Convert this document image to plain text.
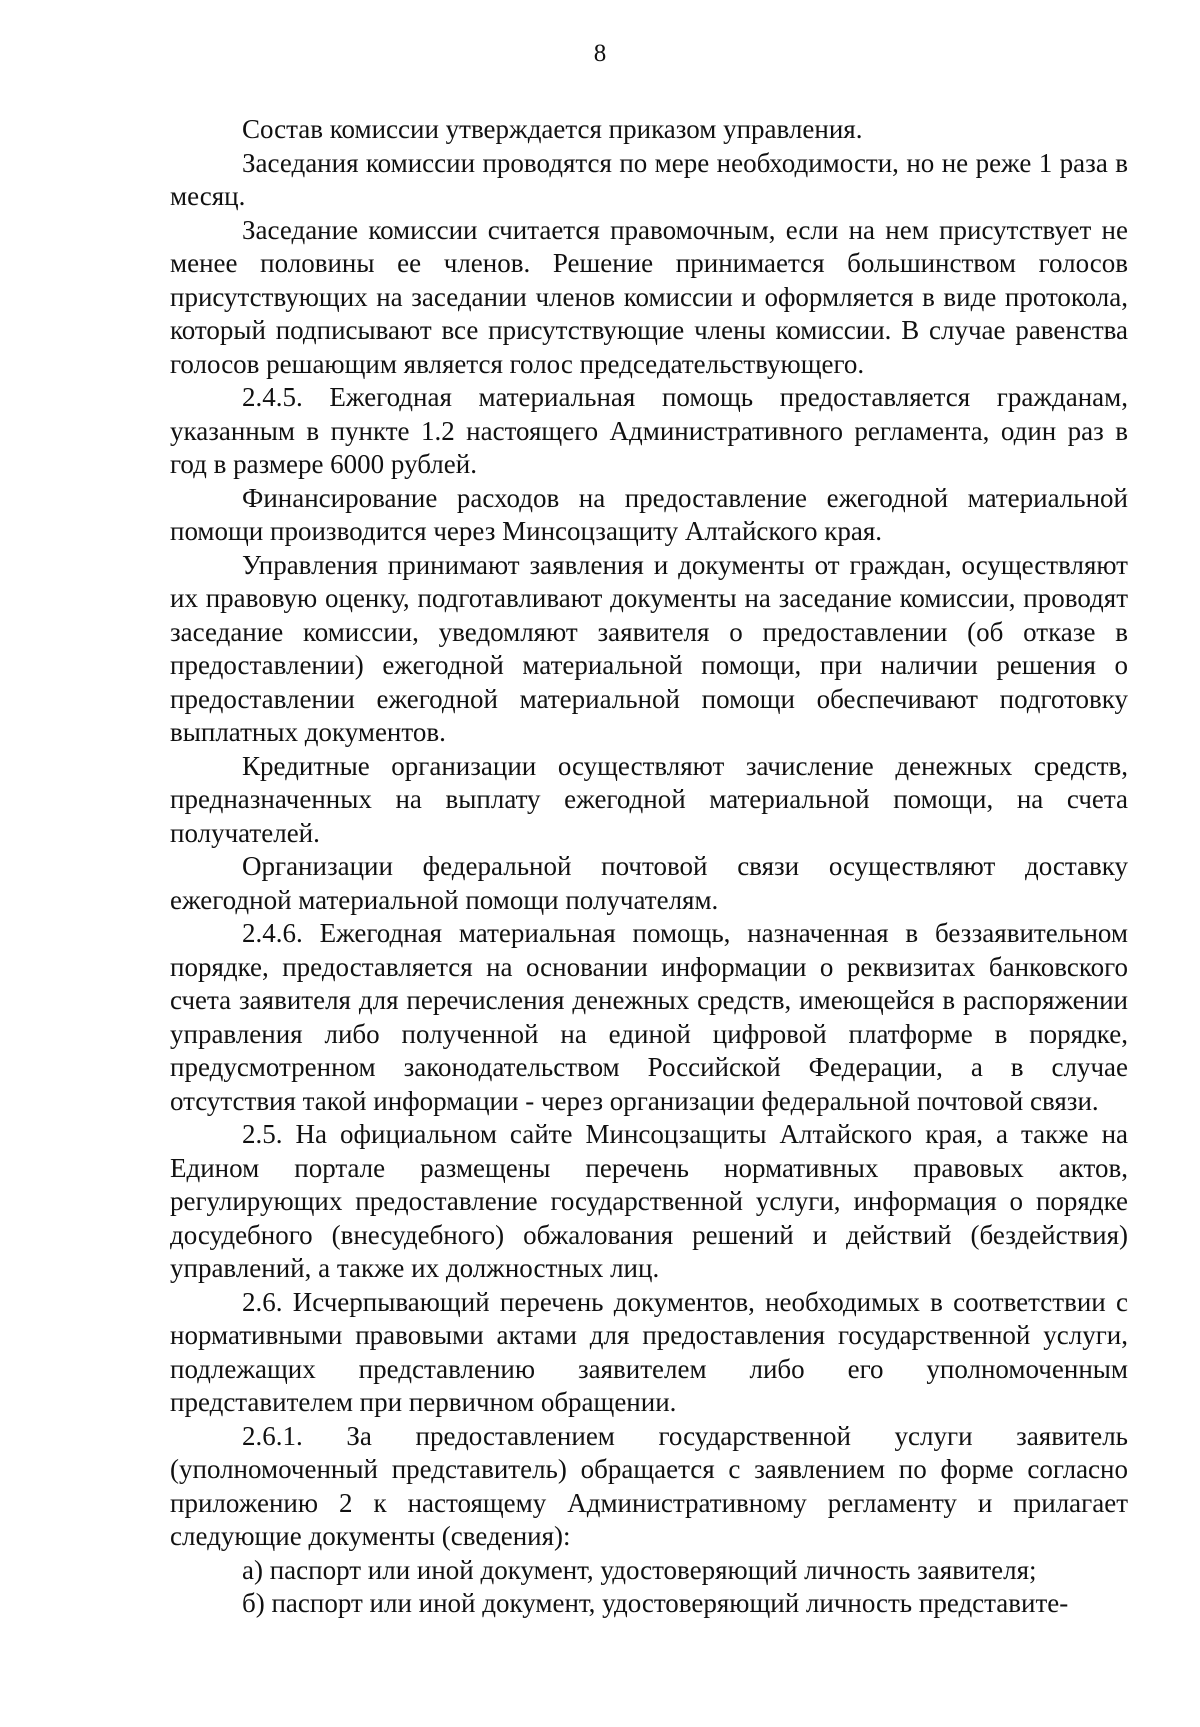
8

Состав комиссии утверждается приказом управления.

Заседания комиссии проводятся по мере необходимости, но не реже 1 раза в месяц.

Заседание комиссии считается правомочным, если на нем присутствует не менее половины ее членов. Решение принимается большинством голосов присутствующих на заседании членов комиссии и оформляется в виде протокола, который подписывают все присутствующие члены комиссии. В случае равенства голосов решающим является голос председательствующего.

2.4.5. Ежегодная материальная помощь предоставляется гражданам, указанным в пункте 1.2 настоящего Административного регламента, один раз в год в размере 6000 рублей.

Финансирование расходов на предоставление ежегодной материальной помощи производится через Минсоцзащиту Алтайского края.

Управления принимают заявления и документы от граждан, осуществляют их правовую оценку, подготавливают документы на заседание комиссии, проводят заседание комиссии, уведомляют заявителя о предоставлении (об отказе в предоставлении) ежегодной материальной помощи, при наличии решения о предоставлении ежегодной материальной помощи обеспечивают подготовку выплатных документов.

Кредитные организации осуществляют зачисление денежных средств, предназначенных на выплату ежегодной материальной помощи, на счета получателей.

Организации федеральной почтовой связи осуществляют доставку ежегодной материальной помощи получателям.

2.4.6. Ежегодная материальная помощь, назначенная в беззаявительном порядке, предоставляется на основании информации о реквизитах банковского счета заявителя для перечисления денежных средств, имеющейся в распоряжении управления либо полученной на единой цифровой платформе в порядке, предусмотренном законодательством Российской Федерации, а в случае отсутствия такой информации - через организации федеральной почтовой связи.

2.5. На официальном сайте Минсоцзащиты Алтайского края, а также на Едином портале размещены перечень нормативных правовых актов, регулирующих предоставление государственной услуги, информация о порядке досудебного (внесудебного) обжалования решений и действий (бездействия) управлений, а также их должностных лиц.

2.6. Исчерпывающий перечень документов, необходимых в соответствии с нормативными правовыми актами для предоставления государственной услуги, подлежащих представлению заявителем либо его уполномоченным представителем при первичном обращении.

2.6.1. За предоставлением государственной услуги заявитель (уполномоченный представитель) обращается с заявлением по форме согласно приложению 2 к настоящему Административному регламенту и прилагает следующие документы (сведения):

а) паспорт или иной документ, удостоверяющий личность заявителя;

б) паспорт или иной документ, удостоверяющий личность представите-
